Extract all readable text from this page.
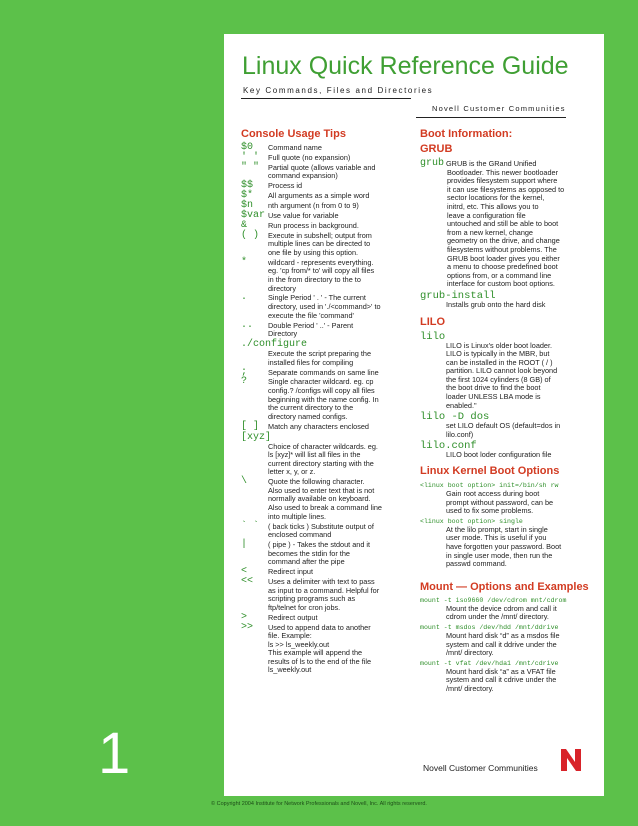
Linux Quick Reference Guide
Key Commands, Files and Directories
Novell Customer Communities
Console Usage Tips
$0 Command name
' ' Full quote (no expansion)
" " Partial quote (allows variable and
command expansion)
$$ Process id
$* All arguments as a simple word
$n nth argument (n from 0 to 9)
$var Use value for variable
&	Run process in background.
( ) Execute in subshell; output from
multiple lines can be directed to
one file by using this option.
*	wildcard - represents everything.
eg. 'cp from/* to' will copy all files
in the from directory to the to
directory
.	Single Period ' . ' - The current
directory, used in './<command>' to
execute the file 'command'
.. Double Period ' ..' - Parent
Directory
./configure
Execute the script preparing the
installed files for compiling
;	Separate commands on same line
?	Single character wildcard. eg. cp
config.? /configs will copy all files
beginning with the name config. In
the current directory to the
directory named configs.
[ ] Match any characters enclosed
[xyz]
Choice of character wildcards. eg.
ls [xyz]* will list all files in the
current directory starting with the
letter x, y, or z.
\	Quote the following character.
Also used to enter text that is not
normally available on keyboard.
Also used to break a command line
into multiple lines.
` ` ( back ticks ) Substitute output of
enclosed command
|	( pipe ) - Takes the stdout and it
becomes the stdin for the
command after the pipe
<	Redirect input
<< Uses a delimiter with text to pass
as input to a command. Helpful for
scripting programs such as
ftp/telnet for cron jobs.
>	Redirect output
>> Used to append data to another
file. Example:
ls >> ls_weekly.out
This example will append the
results of ls to the end of the file
ls_weekly.out
Boot Information:
GRUB
grub GRUB is the GRand Unified
Bootloader. This newer bootloader
provides filesystem support where
it can use filesystems as opposed to
sector locations for the kernel,
initrd, etc. This allows you to
leave a configuration file
untouched and still be able to boot
from a new kernel, change
geometry on the drive, and change
filesystems without problems. The
GRUB boot loader gives you either
a menu to choose predefined boot
options from, or a command line
interface for custom boot options.
grub-install
Installs grub onto the hard disk
LILO
lilo
LILO is Linux's older boot loader.
LILO is typically in the MBR, but
can be installed in the ROOT ( / )
partition. LILO cannot look beyond
the first 1024 cylinders (8 GB) of
the boot drive to find the boot
loader UNLESS LBA mode is
enabled."
lilo -D dos
set LILO default OS (default=dos in
lilo.conf)
lilo.conf
LILO boot loder configuration file
Linux Kernel Boot Options
<linux boot option> init=/bin/sh rw
Gain root access during boot
prompt without password, can be
used to fix some problems.
<linux boot option> single
At the lilo prompt, start in single
user mode. This is useful if you
have forgotten your password. Boot
in single user mode, then run the
passwd command.
Mount — Options and Examples
mount -t iso9660 /dev/cdrom mnt/cdrom
Mount the device cdrom and call it
cdrom under the /mnt/ directory.
mount -t msdos /dev/hdd /mnt/ddrive
Mount hard disk “d” as a msdos file
system and call it ddrive under the
/mnt/ directory.
mount -t vfat /dev/hda1 /mnt/cdrive
Mount hard disk “a” as a VFAT file
system and call it cdrive under the
/mnt/ directory.
1	Novell Customer Communities
© Copyright 2004 Institute for Network Professionals and Novell, Inc. All rights reserverd.
